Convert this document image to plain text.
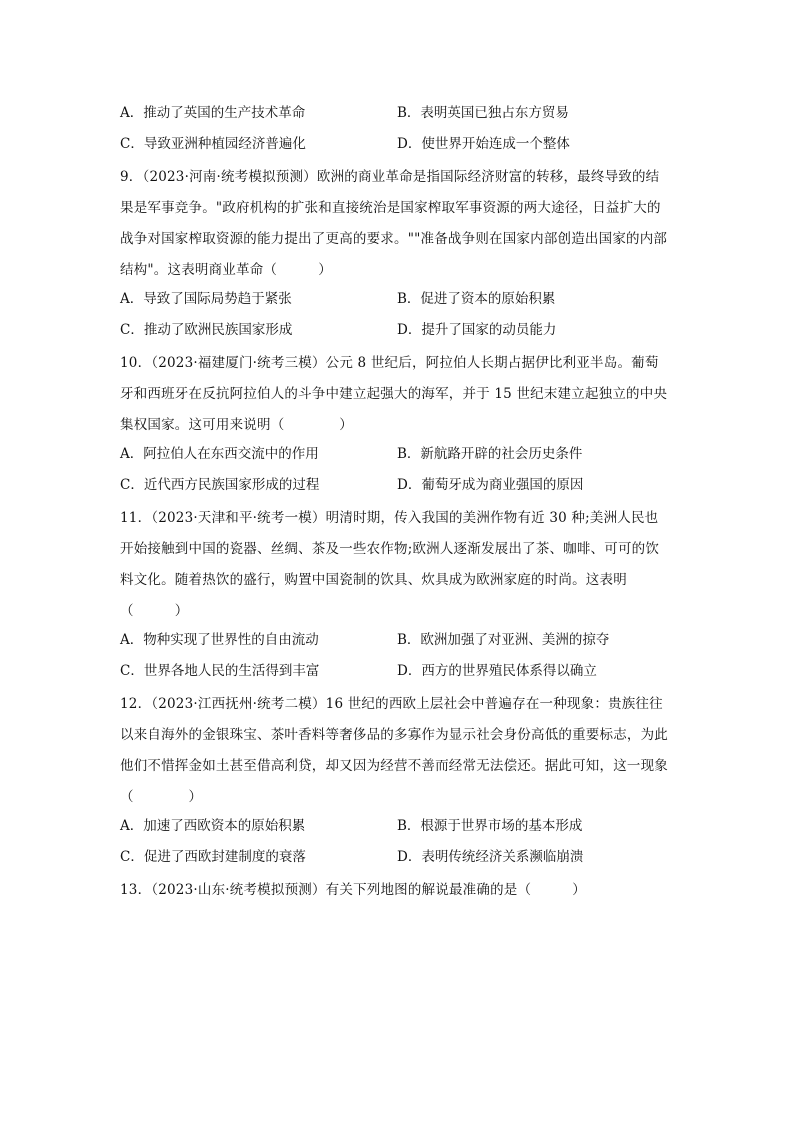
A．推动了英国的生产技术革命	B．表明英国已独占东方贸易
C．导致亚洲种植园经济普遍化	D．使世界开始连成一个整体
9．（2023·河南·统考模拟预测）欧洲的商业革命是指国际经济财富的转移，最终导致的结
果是军事竞争。"政府机构的扩张和直接统治是国家榨取军事资源的两大途径，日益扩大的
战争对国家榨取资源的能力提出了更高的要求。""准备战争则在国家内部创造出国家的内部
结构"。这表明商业革命（　　　）
A．导致了国际局势趋于紧张	B．促进了资本的原始积累
C．推动了欧洲民族国家形成	D．提升了国家的动员能力
10．（2023·福建厦门·统考三模）公元 8 世纪后，阿拉伯人长期占据伊比利亚半岛。葡萄
牙和西班牙在反抗阿拉伯人的斗争中建立起强大的海军，并于 15 世纪末建立起独立的中央
集权国家。这可用来说明（　　　　）
A．阿拉伯人在东西交流中的作用	B．新航路开辟的社会历史条件
C．近代西方民族国家形成的过程	D．葡萄牙成为商业强国的原因
11．（2023·天津和平·统考一模）明清时期，传入我国的美洲作物有近 30 种;美洲人民也
开始接触到中国的瓷器、丝绸、茶及一些农作物;欧洲人逐渐发展出了茶、咖啡、可可的饮
料文化。随着热饮的盛行，购置中国瓷制的饮具、炊具成为欧洲家庭的时尚。这表明
（　　　）
A．物种实现了世界性的自由流动	B．欧洲加强了对亚洲、美洲的掠夺
C．世界各地人民的生活得到丰富	D．西方的世界殖民体系得以确立
12．（2023·江西抚州·统考二模）16 世纪的西欧上层社会中普遍存在一种现象：贵族往往
以来自海外的金银珠宝、茶叶香料等奢侈品的多寡作为显示社会身份高低的重要标志，为此
他们不惜挥金如土甚至借高利贷，却又因为经营不善而经常无法偿还。据此可知，这一现象
（　　　　）
A．加速了西欧资本的原始积累	B．根源于世界市场的基本形成
C．促进了西欧封建制度的衰落	D．表明传统经济关系濒临崩溃
13．（2023·山东·统考模拟预测）有关下列地图的解说最准确的是（　　　）
